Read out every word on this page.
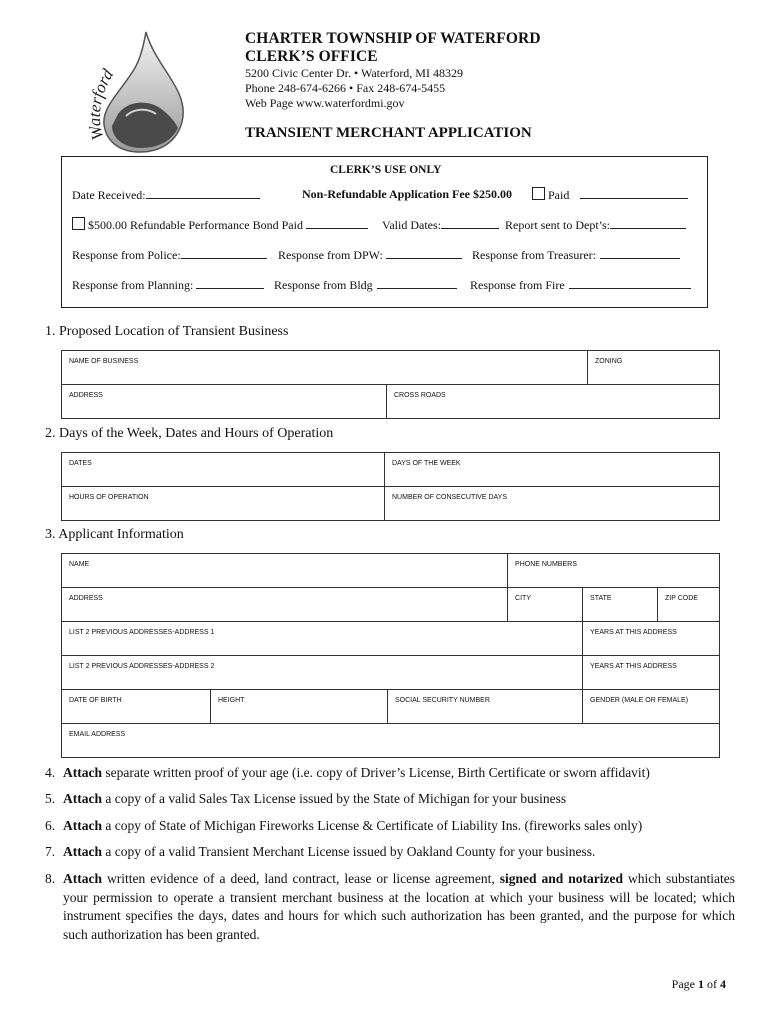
Waterford
CHARTER TOWNSHIP OF WATERFORD
CLERK’S OFFICE
5200 Civic Center Dr. • Waterford, MI 48329
Phone 248-674-6266 • Fax 248-674-5455
Web Page www.waterfordmi.gov
TRANSIENT MERCHANT APPLICATION
CLERK’S USE ONLY
Date Received:	Non-Refundable Application Fee $250.00	Paid
$500.00 Refundable Performance Bond Paid	Valid Dates:	Report sent to Dept’s:
Response from Police:	Response from DPW:	Response from Treasurer:
Response from Planning:	Response from Bldg	Response from Fire
1. Proposed Location of Transient Business
NAME OF BUSINESS		ZONING
ADDRESS	CROSS ROADS	
2. Days of the Week, Dates and Hours of Operation
DATES	DAYS OF THE WEEK
HOURS OF OPERATION	NUMBER OF CONSECUTIVE DAYS
3. Applicant Information
NAME			PHONE NUMBERS	
ADDRESS			CITY	STATE ZIP CODE

LIST 2 PREVIOUS ADDRESSES-ADDRESS 1				YEARS AT THIS ADDRESS
LIST 2 PREVIOUS ADDRESSES-ADDRESS 2				YEARS AT THIS ADDRESS
DATE OF BIRTH	HEIGHT	SOCIAL SECURITY NUMBER		GENDER (MALE OR FEMALE)
EMAIL ADDRESS				
4. Attach separate written proof of your age (i.e. copy of Driver’s License, Birth Certificate or sworn affidavit)
5. Attach a copy of a valid Sales Tax License issued by the State of Michigan for your business
6. Attach a copy of State of Michigan Fireworks License & Certificate of Liability Ins. (fireworks sales only)
7. Attach a copy of a valid Transient Merchant License issued by Oakland County for your business.
8. Attach written evidence of a deed, land contract, lease or license agreement, signed and notarized which substantiates your permission to operate a transient merchant business at the location at which your business will be located; which instrument specifies the days, dates and hours for which such authorization has been granted, and the purpose for which such authorization has been granted.
Page 1 of 4
